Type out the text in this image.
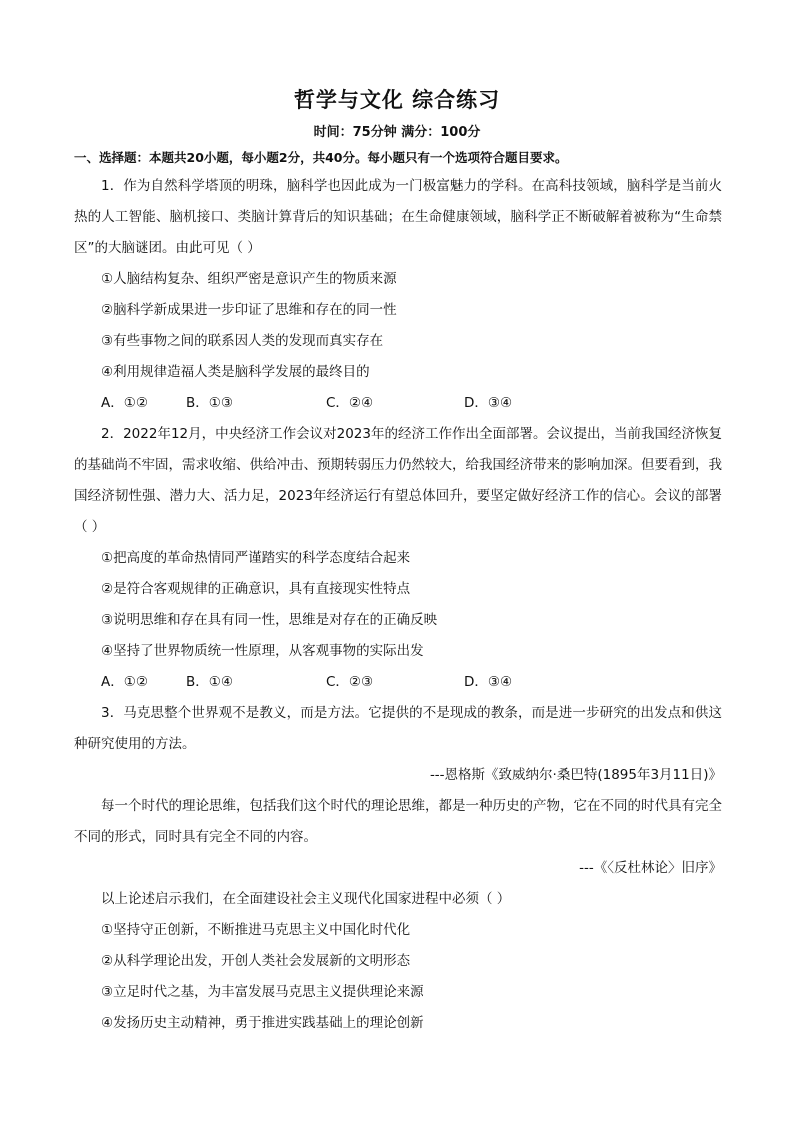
哲学与文化 综合练习
时间：75分钟 满分：100分
一、选择题：本题共20小题，每小题2分，共40分。每小题只有一个选项符合题目要求。

1．作为自然科学塔顶的明珠，脑科学也因此成为一门极富魅力的学科。在高科技领域，脑科学是当前火热的人工智能、脑机接口、类脑计算背后的知识基础；在生命健康领域，脑科学正不断破解着被称为“生命禁区”的大脑谜团。由此可见（ ）

①人脑结构复杂、组织严密是意识产生的物质来源

②脑科学新成果进一步印证了思维和存在的同一性

③有些事物之间的联系因人类的发现而真实存在

④利用规律造福人类是脑科学发展的最终目的

A．①②	B．①③	C．②④	D．③④

2．2022年12月，中央经济工作会议对2023年的经济工作作出全面部署。会议提出，当前我国经济恢复的基础尚不牢固，需求收缩、供给冲击、预期转弱压力仍然较大，给我国经济带来的影响加深。但要看到，我国经济韧性强、潜力大、活力足，2023年经济运行有望总体回升，要坚定做好经济工作的信心。会议的部署（ ）

①把高度的革命热情同严谨踏实的科学态度结合起来

②是符合客观规律的正确意识，具有直接现实性特点

③说明思维和存在具有同一性，思维是对存在的正确反映

④坚持了世界物质统一性原理，从客观事物的实际出发

A．①②	B．①④	C．②③	D．③④

3．马克思整个世界观不是教义，而是方法。它提供的不是现成的教条，而是进一步研究的出发点和供这种研究使用的方法。

---恩格斯《致威纳尔·桑巴特(1895年3月11日)》

每一个时代的理论思维，包括我们这个时代的理论思维，都是一种历史的产物，它在不同的时代具有完全不同的形式，同时具有完全不同的内容。

---《〈反杜林论〉旧序》

以上论述启示我们，在全面建设社会主义现代化国家进程中必须（ ）

①坚持守正创新，不断推进马克思主义中国化时代化

②从科学理论出发，开创人类社会发展新的文明形态

③立足时代之基，为丰富发展马克思主义提供理论来源

④发扬历史主动精神，勇于推进实践基础上的理论创新
